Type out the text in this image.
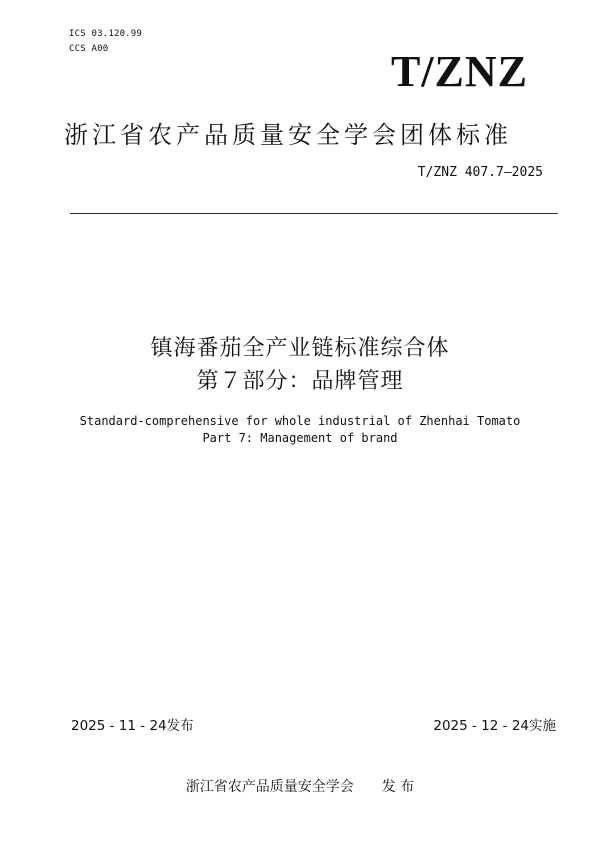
ICS 03.120.99
CCS A00	T/ZNZ
浙江省农产品质量安全学会团体标准
T/ZNZ 407.7—2025
镇海番茄全产业链标准综合体
第７部分：品牌管理
Standard-comprehensive for whole industrial of Zhenhai Tomato
Part 7: Management of brand
2025 - 11 - 24发布	2025 - 12 - 24实施
浙江省农产品质量安全学会 发 布
